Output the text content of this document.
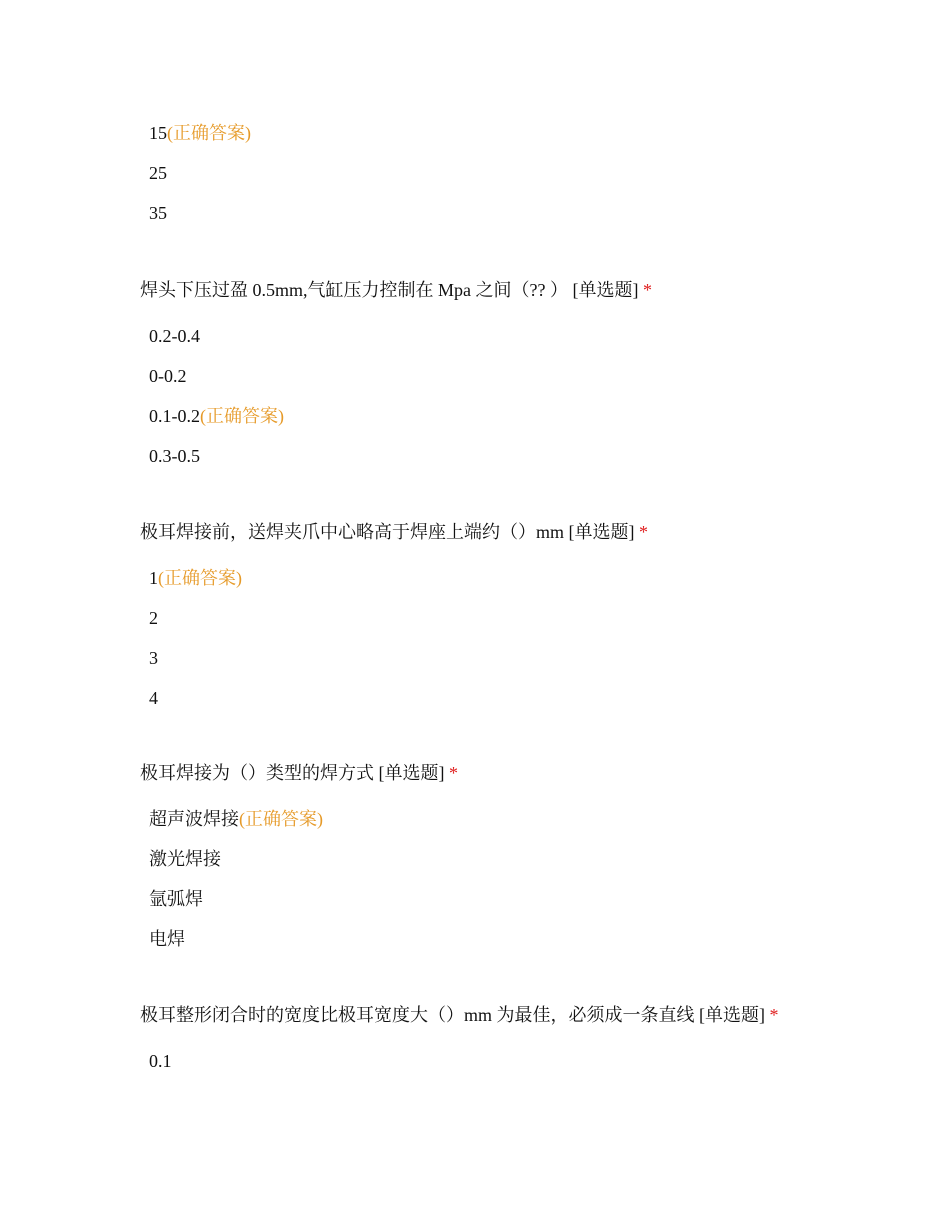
15(正确答案)
25
35
焊头下压过盈 0.5mm,气缸压力控制在 Mpa 之间（?? ） [单选题] *
0.2-0.4
0-0.2
0.1-0.2(正确答案)
0.3-0.5
极耳焊接前，送焊夹爪中心略高于焊座上端约（）mm [单选题] *
1(正确答案)
2
3
4
极耳焊接为（）类型的焊方式 [单选题] *
超声波焊接(正确答案)
激光焊接
氩弧焊
电焊
极耳整形闭合时的宽度比极耳宽度大（）mm 为最佳，必须成一条直线 [单选题] *
0.1
